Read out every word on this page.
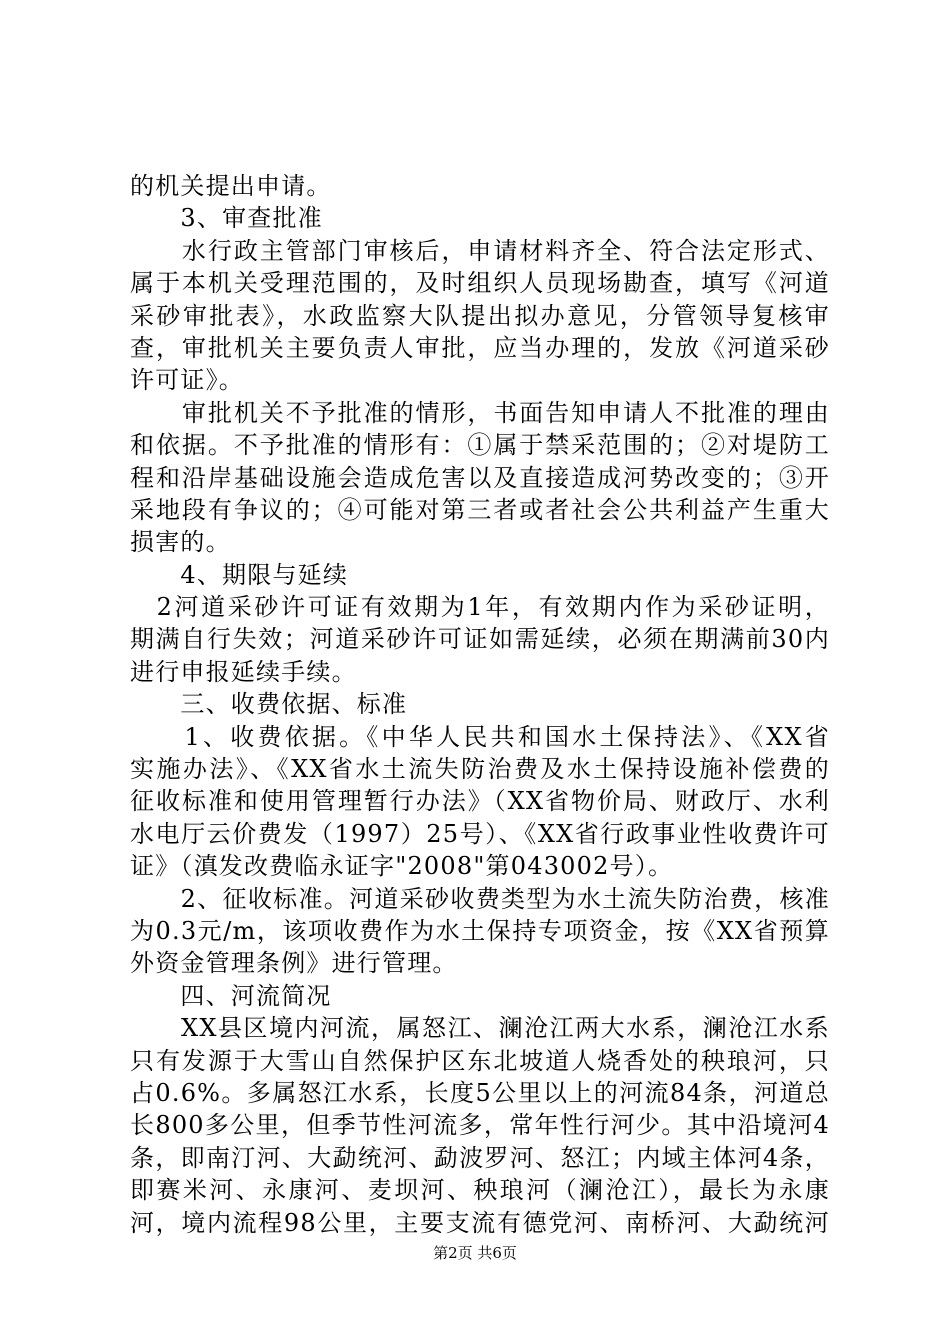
的机关提出申请。
　　3、审查批准
　　水行政主管部门审核后，申请材料齐全、符合法定形式、
属于本机关受理范围的，及时组织人员现场勘查，填写《河道
采砂审批表》，水政监察大队提出拟办意见，分管领导复核审
查，审批机关主要负责人审批，应当办理的，发放《河道采砂
许可证》。
　　审批机关不予批准的情形，书面告知申请人不批准的理由
和依据。不予批准的情形有：①属于禁采范围的；②对堤防工
程和沿岸基础设施会造成危害以及直接造成河势改变的；③开
采地段有争议的；④可能对第三者或者社会公共利益产生重大
损害的。
　　4、期限与延续
　2河道采砂许可证有效期为1年，有效期内作为采砂证明，
期满自行失效；河道采砂许可证如需延续，必须在期满前30内
进行申报延续手续。
　　三、收费依据、标准
　　1、收费依据。《中华人民共和国水土保持法》、《XX省
实施办法》、《XX省水土流失防治费及水土保持设施补偿费的
征收标准和使用管理暂行办法》（XX省物价局、财政厅、水利
水电厅云价费发（1997）25号）、《XX省行政事业性收费许可
证》（滇发改费临永证字"2008"第043002号）。
　　2、征收标准。河道采砂收费类型为水土流失防治费，核准
为0.3元/m，该项收费作为水土保持专项资金，按《XX省预算
外资金管理条例》进行管理。
　　四、河流简况
　　XX县区境内河流，属怒江、澜沧江两大水系，澜沧江水系
只有发源于大雪山自然保护区东北坡道人烧香处的秧琅河，只
占0.6%。多属怒江水系，长度5公里以上的河流84条，河道总
长800多公里，但季节性河流多，常年性行河少。其中沿境河4
条，即南汀河、大勐统河、勐波罗河、怒江；内域主体河4条，
即赛米河、永康河、麦坝河、秧琅河（澜沧江），最长为永康
河，境内流程98公里，主要支流有德党河、南桥河、大勐统河
第2页 共6页
